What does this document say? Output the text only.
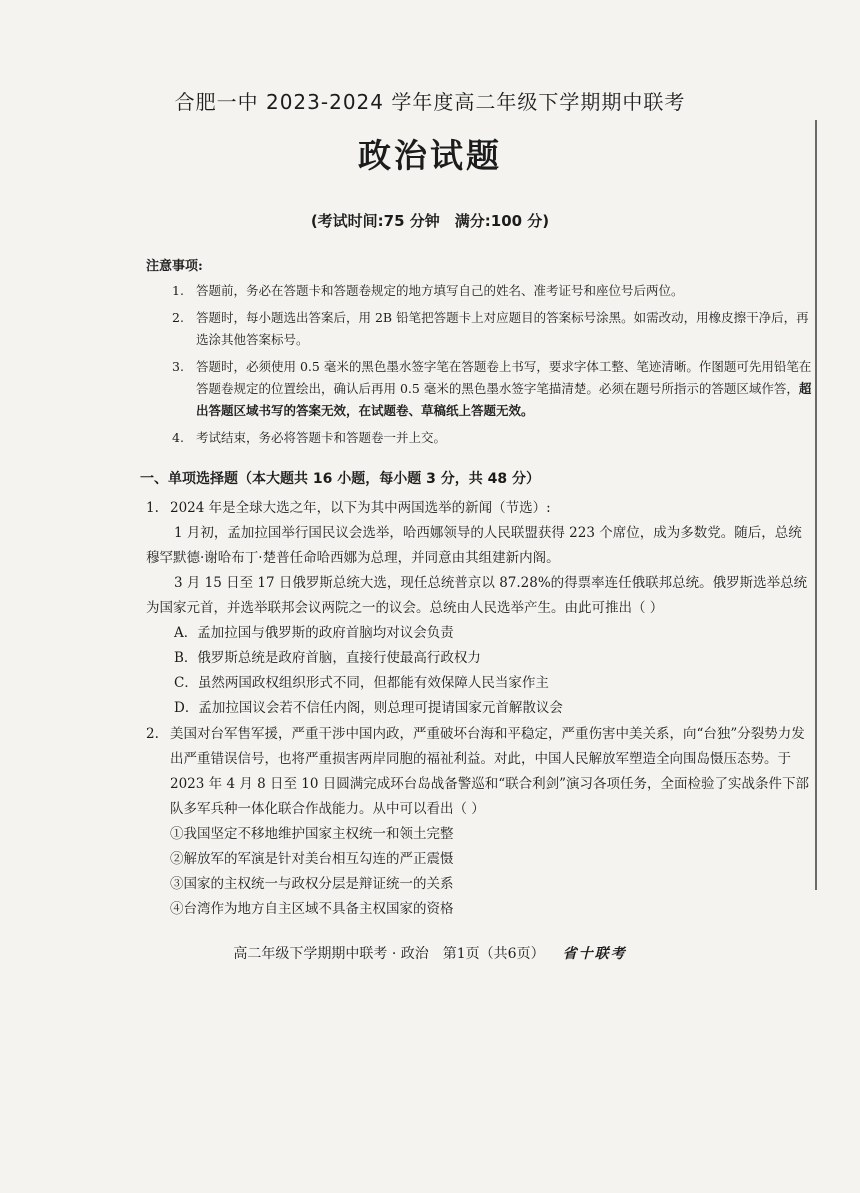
合肥一中 2023-2024 学年度高二年级下学期期中联考
政治试题
(考试时间:75 分钟　满分:100 分)
注意事项:
1. 答题前，务必在答题卡和答题卷规定的地方填写自己的姓名、准考证号和座位号后两位。
2. 答题时，每小题选出答案后，用 2B 铅笔把答题卡上对应题目的答案标号涂黑。如需改动，用橡皮擦干净后，再选涂其他答案标号。
3. 答题时，必须使用 0.5 毫米的黑色墨水签字笔在答题卷上书写，要求字体工整、笔迹清晰。作图题可先用铅笔在答题卷规定的位置绘出，确认后再用 0.5 毫米的黑色墨水签字笔描清楚。必须在题号所指示的答题区域作答，超出答题区域书写的答案无效，在试题卷、草稿纸上答题无效。
4. 考试结束，务必将答题卡和答题卷一并上交。
一、单项选择题（本大题共 16 小题，每小题 3 分，共 48 分）
1. 2024 年是全球大选之年，以下为其中两国选举的新闻（节选）:
1 月初，孟加拉国举行国民议会选举，哈西娜领导的人民联盟获得 223 个席位，成为多数党。随后，总统穆罕默德·谢哈布丁·楚普任命哈西娜为总理，并同意由其组建新内阁。
3 月 15 日至 17 日俄罗斯总统大选，现任总统普京以 87.28%的得票率连任俄联邦总统。俄罗斯选举总统为国家元首，并选举联邦会议两院之一的议会。总统由人民选举产生。由此可推出（ ）
A．孟加拉国与俄罗斯的政府首脑均对议会负责
B．俄罗斯总统是政府首脑，直接行使最高行政权力
C．虽然两国政权组织形式不同，但都能有效保障人民当家作主
D．孟加拉国议会若不信任内阁，则总理可提请国家元首解散议会
2. 美国对台军售军援，严重干涉中国内政，严重破坏台海和平稳定，严重伤害中美关系，向“台独”分裂势力发出严重错误信号，也将严重损害两岸同胞的福祉利益。对此，中国人民解放军塑造全向围岛慑压态势。于 2023 年 4 月 8 日至 10 日圆满完成环台岛战备警巡和“联合利剑”演习各项任务，全面检验了实战条件下部队多军兵种一体化联合作战能力。从中可以看出（ ）
①我国坚定不移地维护国家主权统一和领土完整
②解放军的军演是针对美台相互勾连的严正震慑
③国家的主权统一与政权分层是辩证统一的关系
④台湾作为地方自主区域不具备主权国家的资格
高二年级下学期期中联考 · 政治　第1页（共6页） 省十联考
